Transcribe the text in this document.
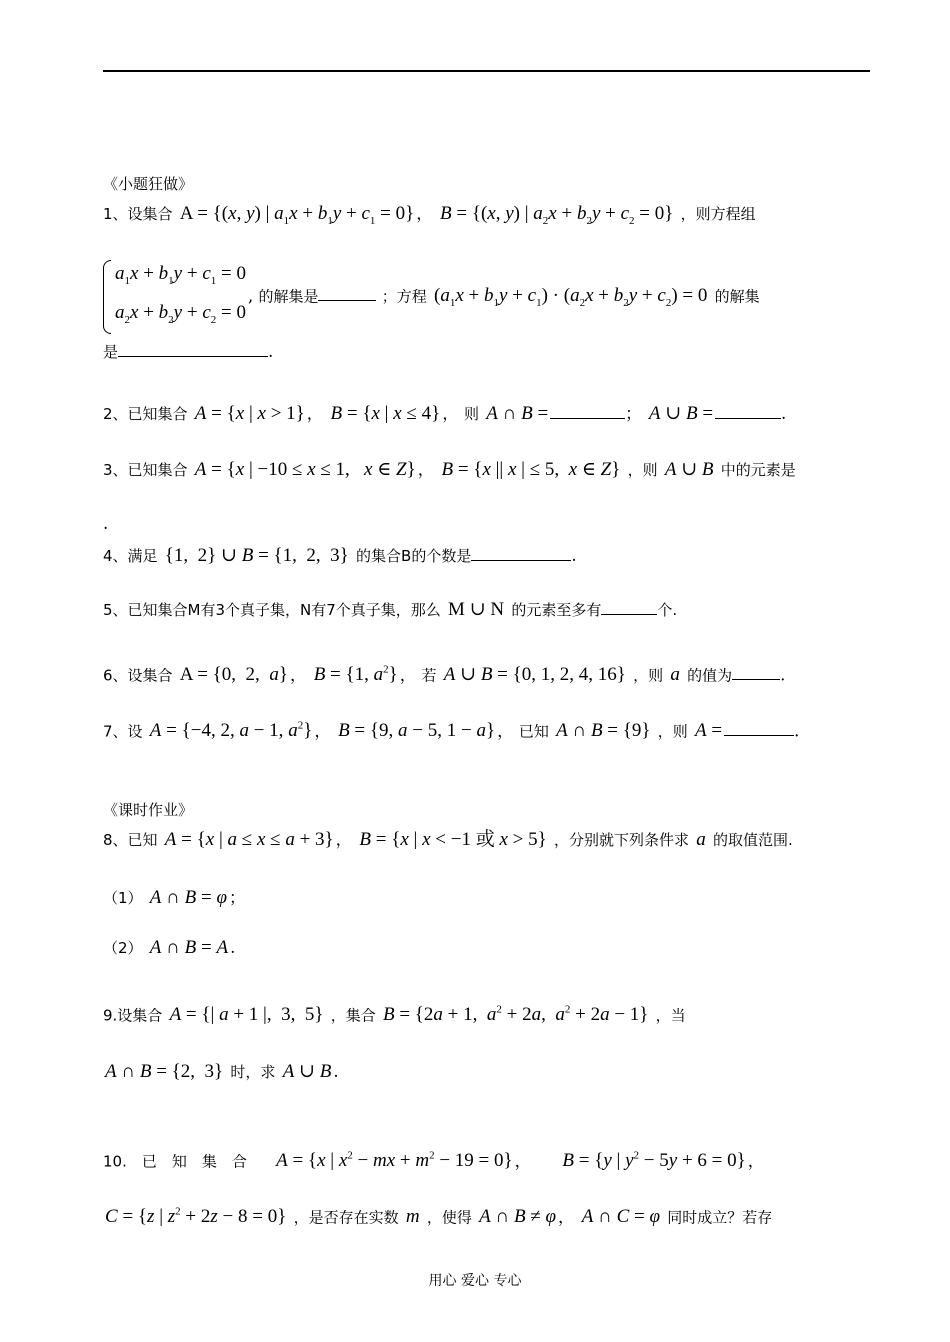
《小题狂做》
1、设集合 A = {(x, y) | $a_1x + b_1y + c_1 = 0$} ， B = {(x, y) | $a_2x + b_2y + c_2 = 0$} ，则方程组
$a_1x + b_1y + c_1 = 0$
$a_2x + b_2y + c_2 = 0$
, 的解集是	；方程 $(a_1x + b_1y + c_1) \cdot (a_2x + b_2y + c_2) = 0$ 的解集
是	.
2、已知集合 A = {x | x > 1} ， B = {x | x ≤ 4} ， 则 A ∩ B =	； A ∪ B =	.
3、已知集合 A = {x | −10 ≤ x ≤ 1,   x ∈ Z} ， B = {x || x | ≤ 5,  x ∈ Z} ，则 A ∪ B 中的元素是
.
4、满足 {1,  2} ∪ B = {1,  2,  3} 的集合B的个数是	.
5、已知集合M有3个真子集，N有7个真子集，那么 M ∪ N 的元素至多有	个.
6、设集合 A = {0,  2,  a} ， B = {1, $a^2$} ， 若 A ∪ B = {0, 1, 2, 4, 16} ，则 a 的值为	.
7、设 A = {−4, 2, a − 1, $a^2$} ， B = {9, a − 5, 1 − a} ， 已知 A ∩ B = {9} ，则 A =	.
《课时作业》
8、已知 A = {x | a ≤ x ≤ a + 3} ， B = {x | x < −1 或 x > 5} ，分别就下列条件求 a 的取值范围.
（1） A ∩ B = φ ；
（2） A ∩ B = A .
9.设集合 A = {| a + 1 |,  3,  5} ，集合 B = {2a + 1,  $a^2 + 2a$,  $a^2 + 2a - 1$} ，当
A ∩ B = {2,  3} 时，求 A ∪ B .
10.　已　知　集　合 A = {x | $x^2$ − mx + $m^2 - 19 = 0$} ， B = {y | $y^2 - 5y + 6 = 0$} ，
C = {z | $z^2 + 2z - 8 = 0$} ，是否存在实数 m ，使得 A ∩ B ≠ φ ， A ∩ C = φ 同时成立？若存
用心 爱心 专心
